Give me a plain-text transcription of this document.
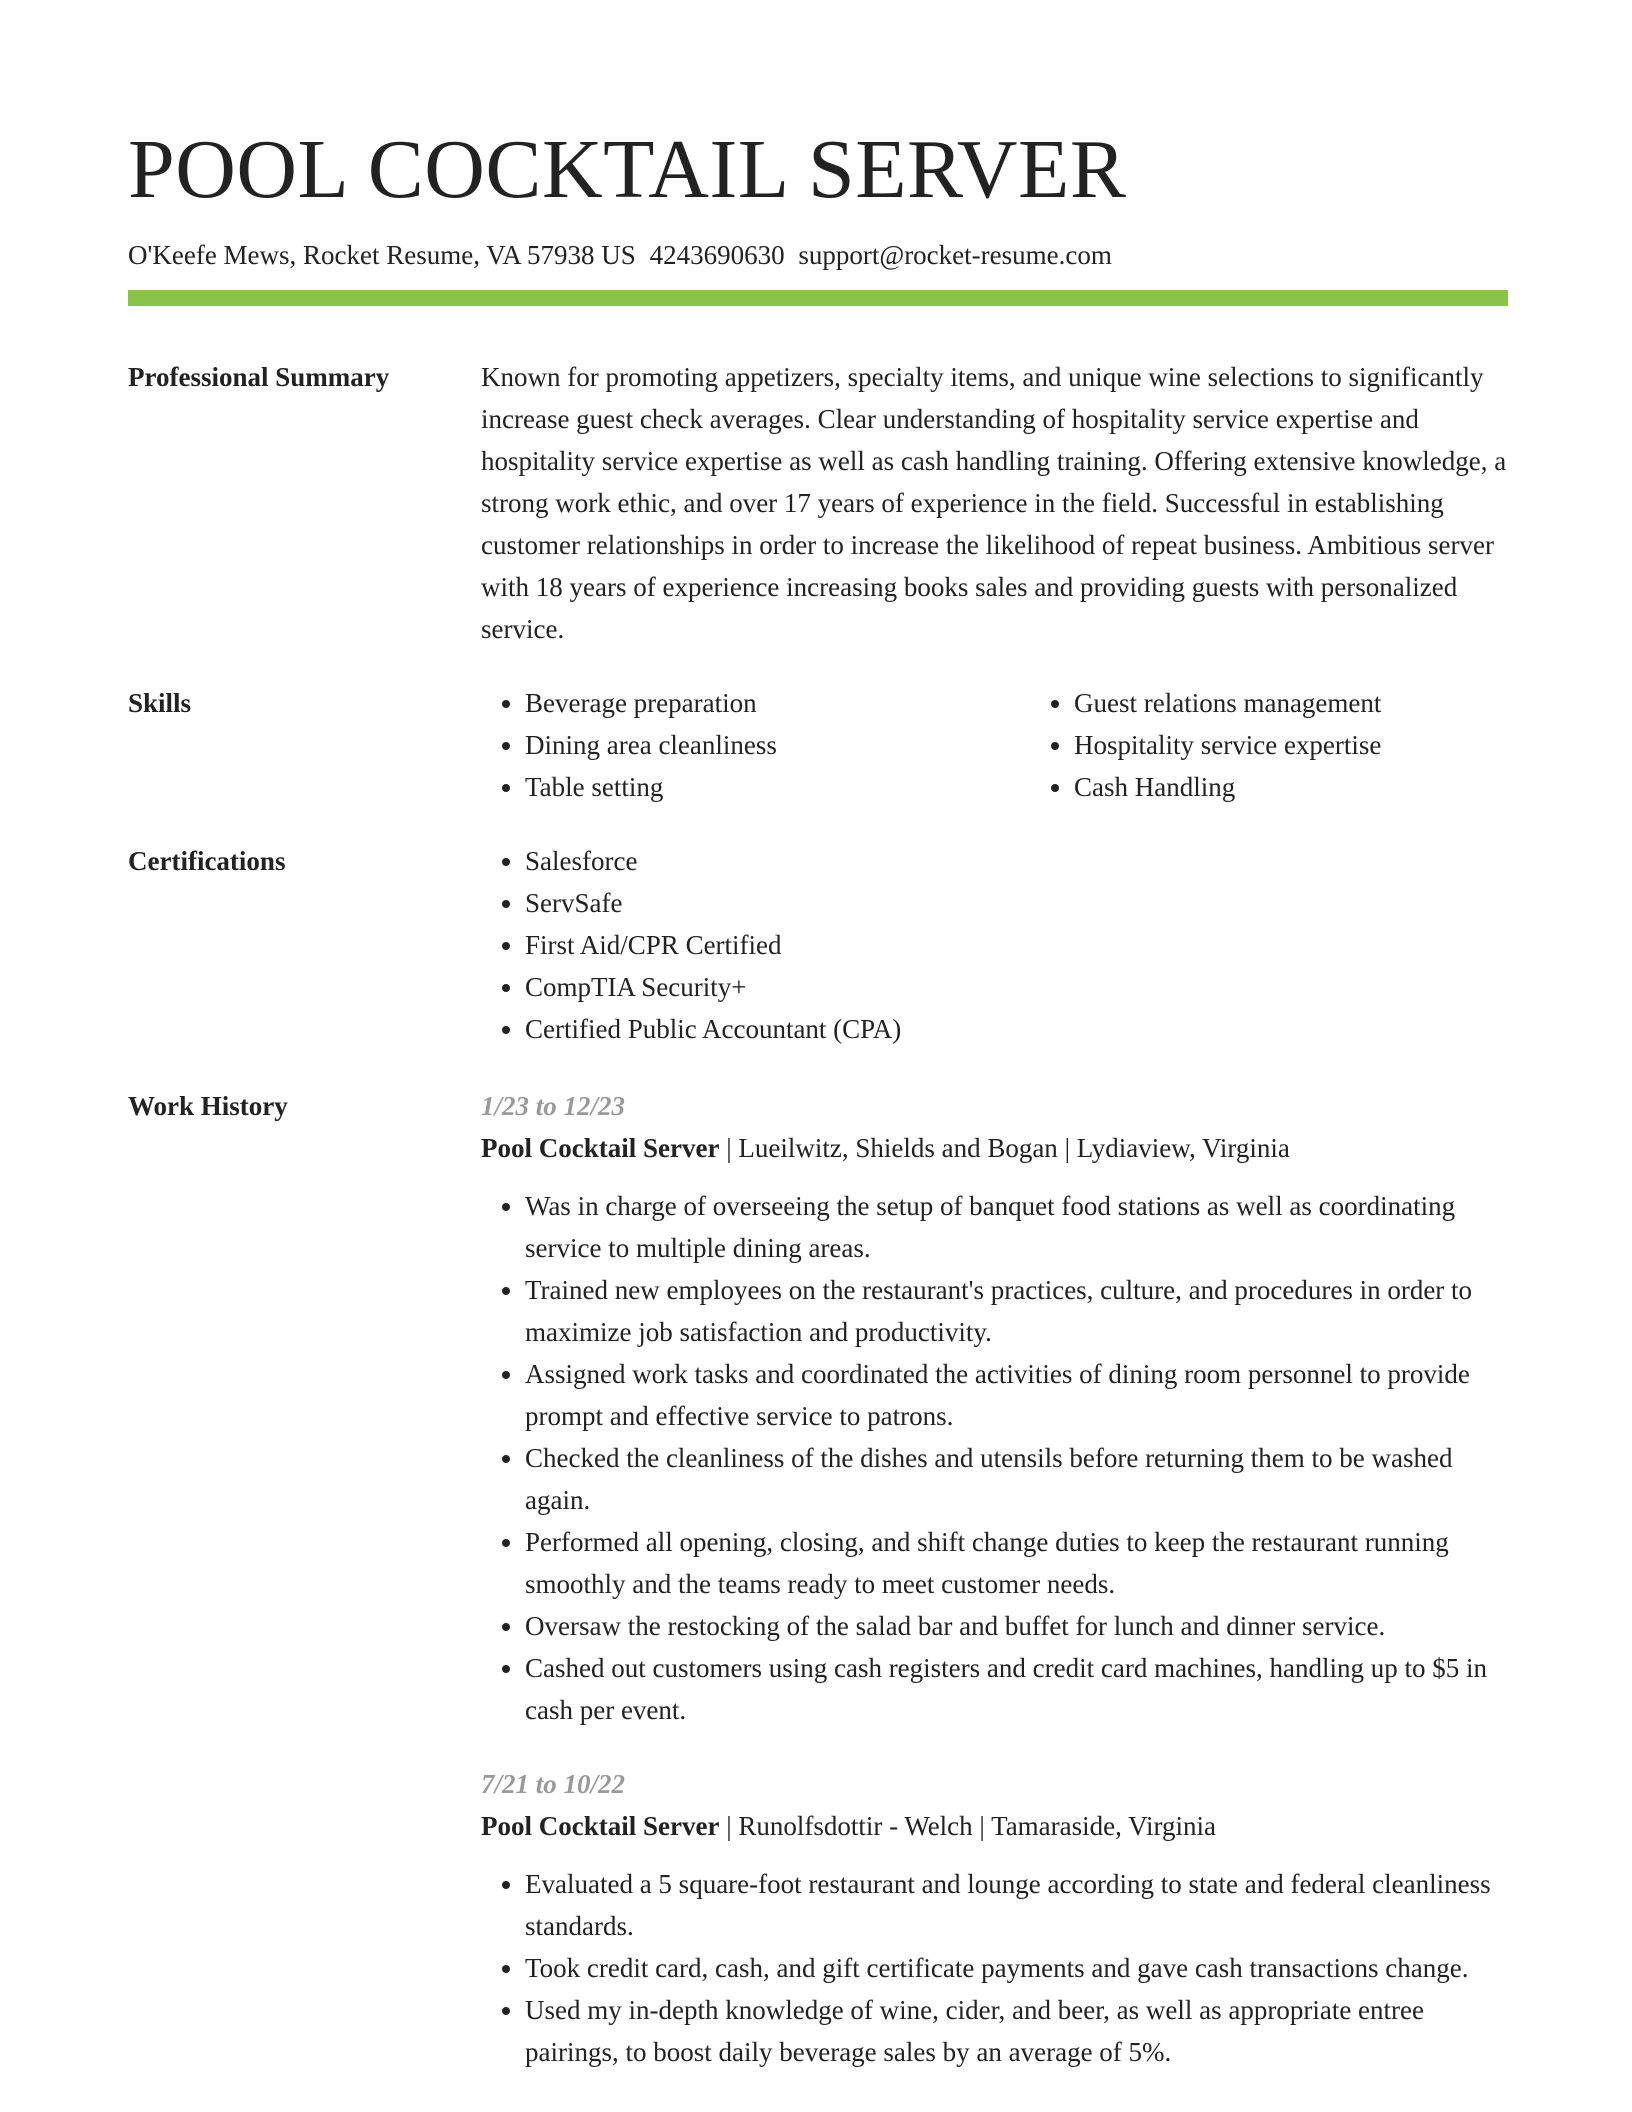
POOL COCKTAIL SERVER
O'Keefe Mews, Rocket Resume, VA 57938 US 4243690630 support@rocket-resume.com
Professional Summary	Known for promoting appetizers, specialty items, and unique wine selections to significantly increase guest check averages. Clear understanding of hospitality service expertise and hospitality service expertise as well as cash handling training. Offering extensive knowledge, a strong work ethic, and over 17 years of experience in the field. Successful in establishing customer relationships in order to increase the likelihood of repeat business. Ambitious server with 18 years of experience increasing books sales and providing guests with personalized service.
Skills	• Beverage preparation
• Dining area cleanliness
• Table setting
• Guest relations management
• Hospitality service expertise
• Cash Handling
Certifications	• Salesforce
• ServSafe
• First Aid/CPR Certified
• CompTIA Security+
• Certified Public Accountant (CPA)
Work History	1/23 to 12/23
Pool Cocktail Server | Lueilwitz, Shields and Bogan | Lydiaview, Virginia
• Was in charge of overseeing the setup of banquet food stations as well as coordinating service to multiple dining areas.
• Trained new employees on the restaurant's practices, culture, and procedures in order to maximize job satisfaction and productivity.
• Assigned work tasks and coordinated the activities of dining room personnel to provide prompt and effective service to patrons.
• Checked the cleanliness of the dishes and utensils before returning them to be washed again.
• Performed all opening, closing, and shift change duties to keep the restaurant running smoothly and the teams ready to meet customer needs.
• Oversaw the restocking of the salad bar and buffet for lunch and dinner service.
• Cashed out customers using cash registers and credit card machines, handling up to $5 in cash per event.
7/21 to 10/22
Pool Cocktail Server | Runolfsdottir - Welch | Tamaraside, Virginia
• Evaluated a 5 square-foot restaurant and lounge according to state and federal cleanliness standards.
• Took credit card, cash, and gift certificate payments and gave cash transactions change.
• Used my in-depth knowledge of wine, cider, and beer, as well as appropriate entree pairings, to boost daily beverage sales by an average of 5%.
